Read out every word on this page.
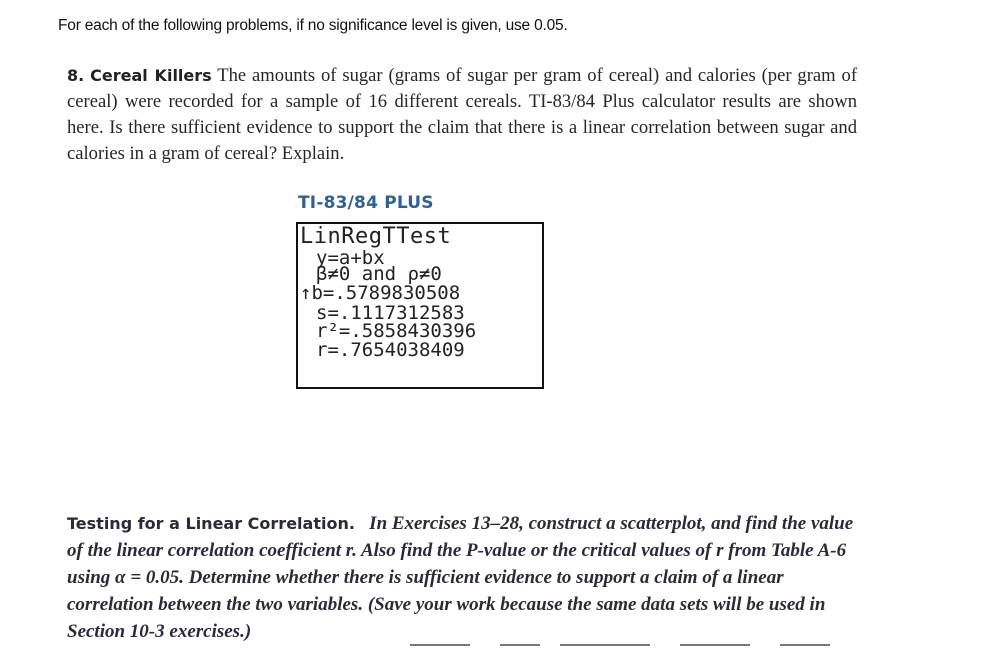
For each of the following problems, if no significance level is given, use 0.05.
8. Cereal Killers The amounts of sugar (grams of sugar per gram of cereal) and calories (per gram of cereal) were recorded for a sample of 16 different cereals. TI-83/84 Plus calculator results are shown here. Is there sufficient evidence to support the claim that there is a linear correlation between sugar and calories in a gram of cereal? Explain.
TI-83/84 PLUS
LinRegTTest
y=a+bx
β≠0 and ρ≠0
↑b=.5789830508
s=.1117312583
r²=.5858430396
r=.7654038409
Testing for a Linear Correlation. In Exercises 13–28, construct a scatterplot, and find the value of the linear correlation coefficient r. Also find the P-value or the critical values of r from Table A-6 using α = 0.05. Determine whether there is sufficient evidence to support a claim of a linear correlation between the two variables. (Save your work because the same data sets will be used in Section 10-3 exercises.)
